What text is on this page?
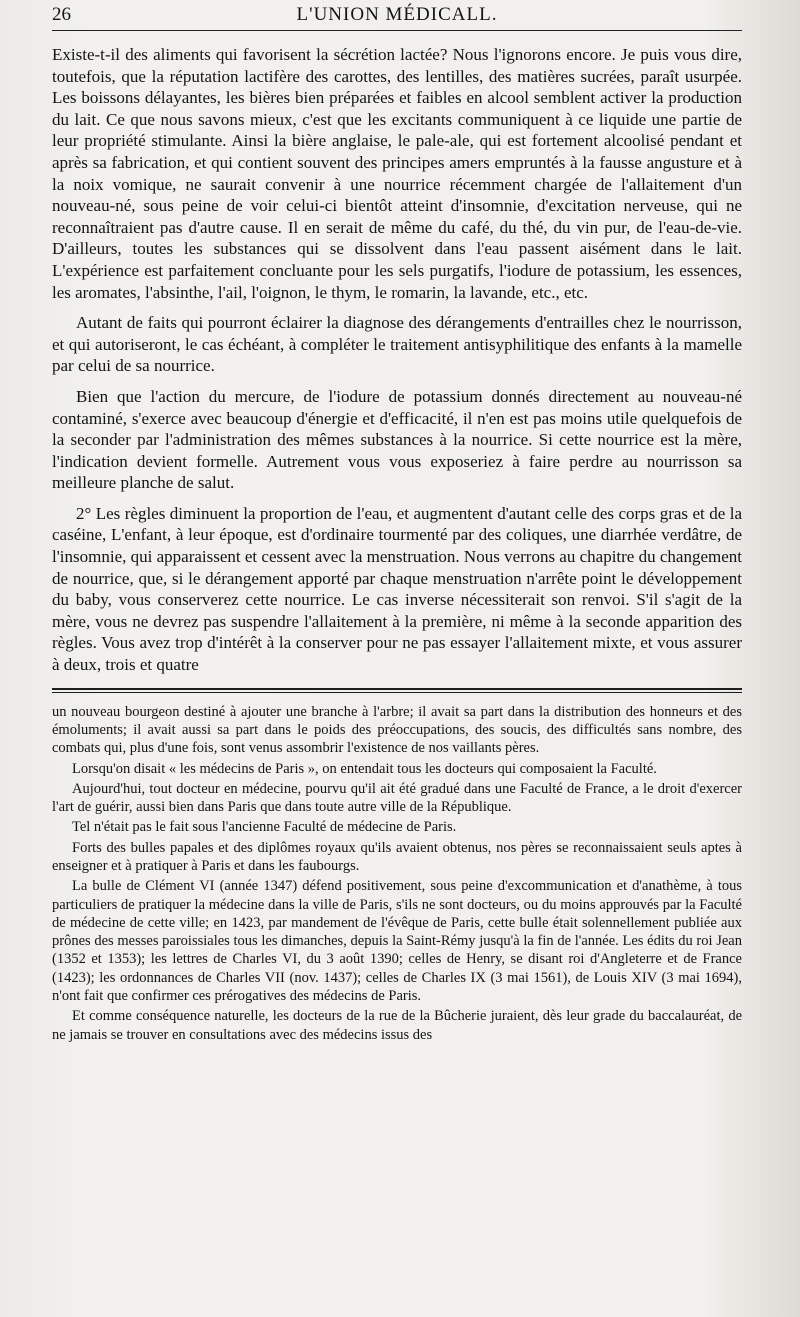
26	L'UNION MÉDICALL.

Existe-t-il des aliments qui favorisent la sécrétion lactée? Nous l'ignorons encore. Je puis vous dire, toutefois, que la réputation lactifère des carottes, des lentilles, des matières sucrées, paraît usurpée. Les boissons délayantes, les bières bien préparées et faibles en alcool semblent activer la production du lait. Ce que nous savons mieux, c'est que les excitants communiquent à ce liquide une partie de leur propriété stimulante. Ainsi la bière anglaise, le pale-ale, qui est fortement alcoolisé pendant et après sa fabrication, et qui contient souvent des principes amers empruntés à la fausse angusture et à la noix vomique, ne saurait convenir à une nourrice récemment chargée de l'allaitement d'un nouveau-né, sous peine de voir celui-ci bientôt atteint d'insomnie, d'excitation nerveuse, qui ne reconnaîtraient pas d'autre cause. Il en serait de même du café, du thé, du vin pur, de l'eau-de-vie. D'ailleurs, toutes les substances qui se dissolvent dans l'eau passent aisément dans le lait. L'expérience est parfaitement concluante pour les sels purgatifs, l'iodure de potassium, les essences, les aromates, l'absinthe, l'ail, l'oignon, le thym, le romarin, la lavande, etc., etc.

Autant de faits qui pourront éclairer la diagnose des dérangements d'entrailles chez le nourrisson, et qui autoriseront, le cas échéant, à compléter le traitement antisyphilitique des enfants à la mamelle par celui de sa nourrice.

Bien que l'action du mercure, de l'iodure de potassium donnés directement au nouveau-né contaminé, s'exerce avec beaucoup d'énergie et d'efficacité, il n'en est pas moins utile quelquefois de la seconder par l'administration des mêmes substances à la nourrice. Si cette nourrice est la mère, l'indication devient formelle. Autrement vous vous exposeriez à faire perdre au nourrisson sa meilleure planche de salut.

2° Les règles diminuent la proportion de l'eau, et augmentent d'autant celle des corps gras et de la caséine, L'enfant, à leur époque, est d'ordinaire tourmenté par des coliques, une diarrhée verdâtre, de l'insomnie, qui apparaissent et cessent avec la menstruation. Nous verrons au chapitre du changement de nourrice, que, si le dérangement apporté par chaque menstruation n'arrête point le développement du baby, vous conserverez cette nourrice. Le cas inverse nécessiterait son renvoi. S'il s'agit de la mère, vous ne devrez pas suspendre l'allaitement à la première, ni même à la seconde apparition des règles. Vous avez trop d'intérêt à la conserver pour ne pas essayer l'allaitement mixte, et vous assurer à deux, trois et quatre

un nouveau bourgeon destiné à ajouter une branche à l'arbre; il avait sa part dans la distribution des honneurs et des émoluments; il avait aussi sa part dans le poids des préoccupations, des soucis, des difficultés sans nombre, des combats qui, plus d'une fois, sont venus assombrir l'existence de nos vaillants pères.

Lorsqu'on disait « les médecins de Paris », on entendait tous les docteurs qui composaient la Faculté.

Aujourd'hui, tout docteur en médecine, pourvu qu'il ait été gradué dans une Faculté de France, a le droit d'exercer l'art de guérir, aussi bien dans Paris que dans toute autre ville de la République.

Tel n'était pas le fait sous l'ancienne Faculté de médecine de Paris.

Forts des bulles papales et des diplômes royaux qu'ils avaient obtenus, nos pères se reconnaissaient seuls aptes à enseigner et à pratiquer à Paris et dans les faubourgs.

La bulle de Clément VI (année 1347) défend positivement, sous peine d'excommunication et d'anathème, à tous particuliers de pratiquer la médecine dans la ville de Paris, s'ils ne sont docteurs, ou du moins approuvés par la Faculté de médecine de cette ville; en 1423, par mandement de l'évêque de Paris, cette bulle était solennellement publiée aux prônes des messes paroissiales tous les dimanches, depuis la Saint-Rémy jusqu'à la fin de l'année. Les édits du roi Jean (1352 et 1353); les lettres de Charles VI, du 3 août 1390; celles de Henry, se disant roi d'Angleterre et de France (1423); les ordonnances de Charles VII (nov. 1437); celles de Charles IX (3 mai 1561), de Louis XIV (3 mai 1694), n'ont fait que confirmer ces prérogatives des médecins de Paris.

Et comme conséquence naturelle, les docteurs de la rue de la Bûcherie juraient, dès leur grade du baccalauréat, de ne jamais se trouver en consultations avec des médecins issus des
